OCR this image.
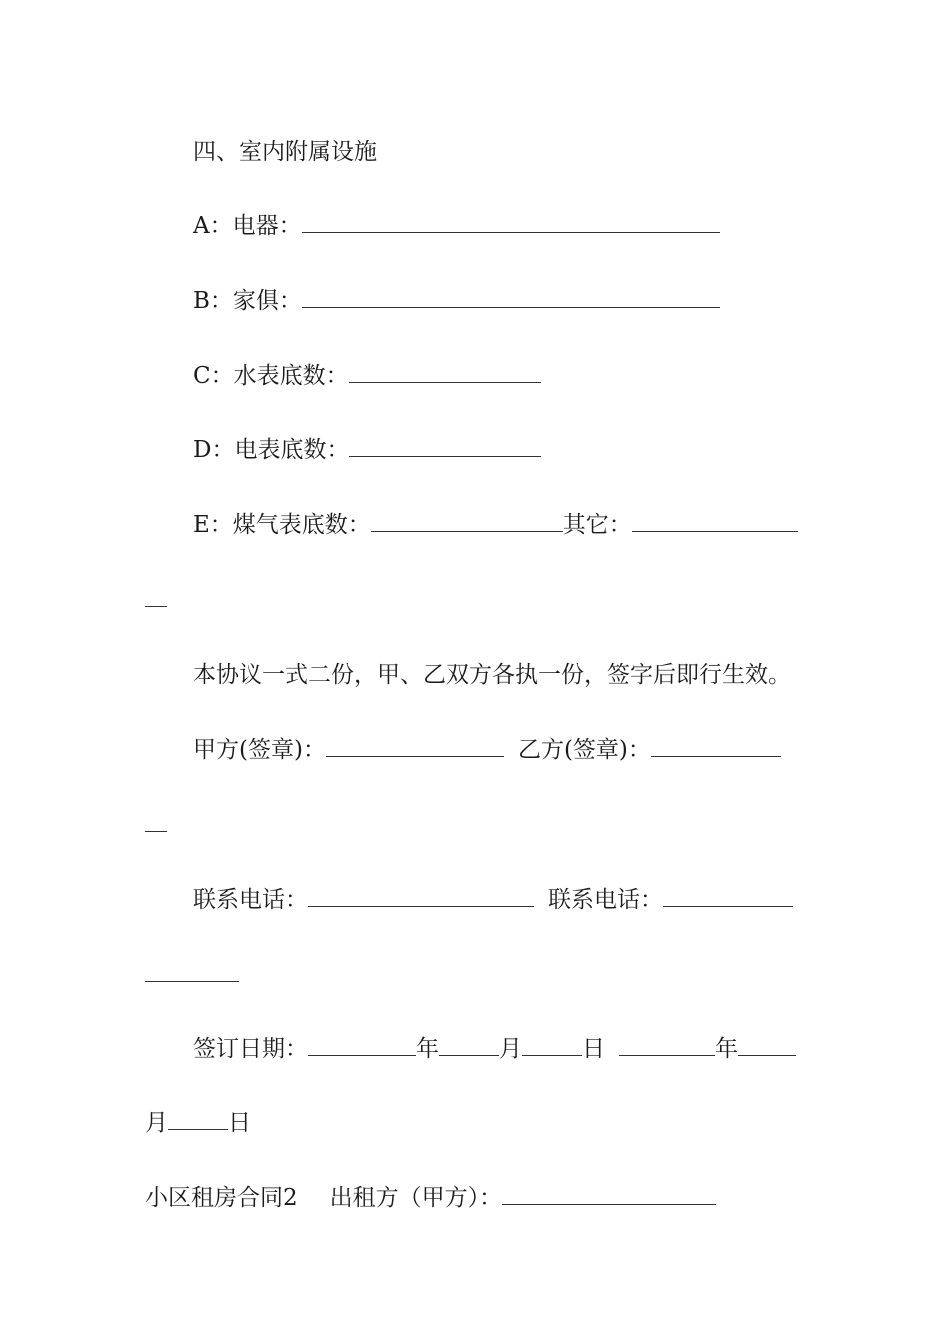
四、室内附属设施
A：电器：
B：家俱：
C：水表底数：
D：电表底数：
E：煤气表底数：	其它：
本协议一式二份，甲、乙双方各执一份，签字后即行生效。
甲方(签章)：	乙方(签章)：
联系电话：	联系电话：
签订日期：	年	月	日	年
月	日
小区租房合同2 出租方（甲方）：
